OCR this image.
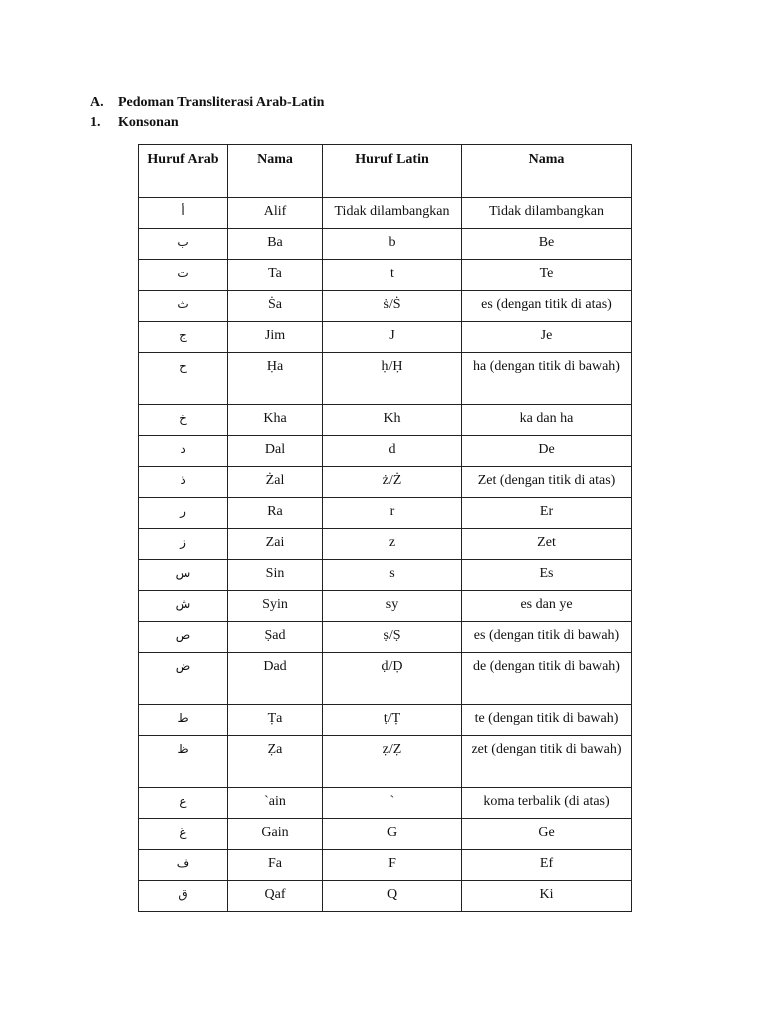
A. Pedoman Transliterasi Arab-Latin
1. Konsonan
Huruf Arab	Nama	Huruf Latin	Nama
أ	Alif	Tidak dilambangkan	Tidak dilambangkan
ب	Ba	b	Be
ت	Ta	t	Te
ث	Ṡa	ṡ/Ṡ	es (dengan titik di atas)
ج	Jim	J	Je
ح	Ḥa	ḥ/Ḥ	ha (dengan titik di bawah)
خ	Kha	Kh	ka dan ha
د	Dal	d	De
ذ	Żal	ż/Ż	Zet (dengan titik di atas)
ر	Ra	r	Er
ز	Zai	z	Zet
س	Sin	s	Es
ش	Syin	sy	es dan ye
ص	Ṣad	ṣ/Ṣ	es (dengan titik di bawah)
ض	Dad	ḍ/Ḍ	de (dengan titik di bawah)
ط	Ṭa	ṭ/Ṭ	te (dengan titik di bawah)
ظ	Ẓa	ẓ/Ẓ	zet (dengan titik di bawah)
ع	`ain	`	koma terbalik (di atas)
غ	Gain	G	Ge
ف	Fa	F	Ef
ق	Qaf	Q	Ki
